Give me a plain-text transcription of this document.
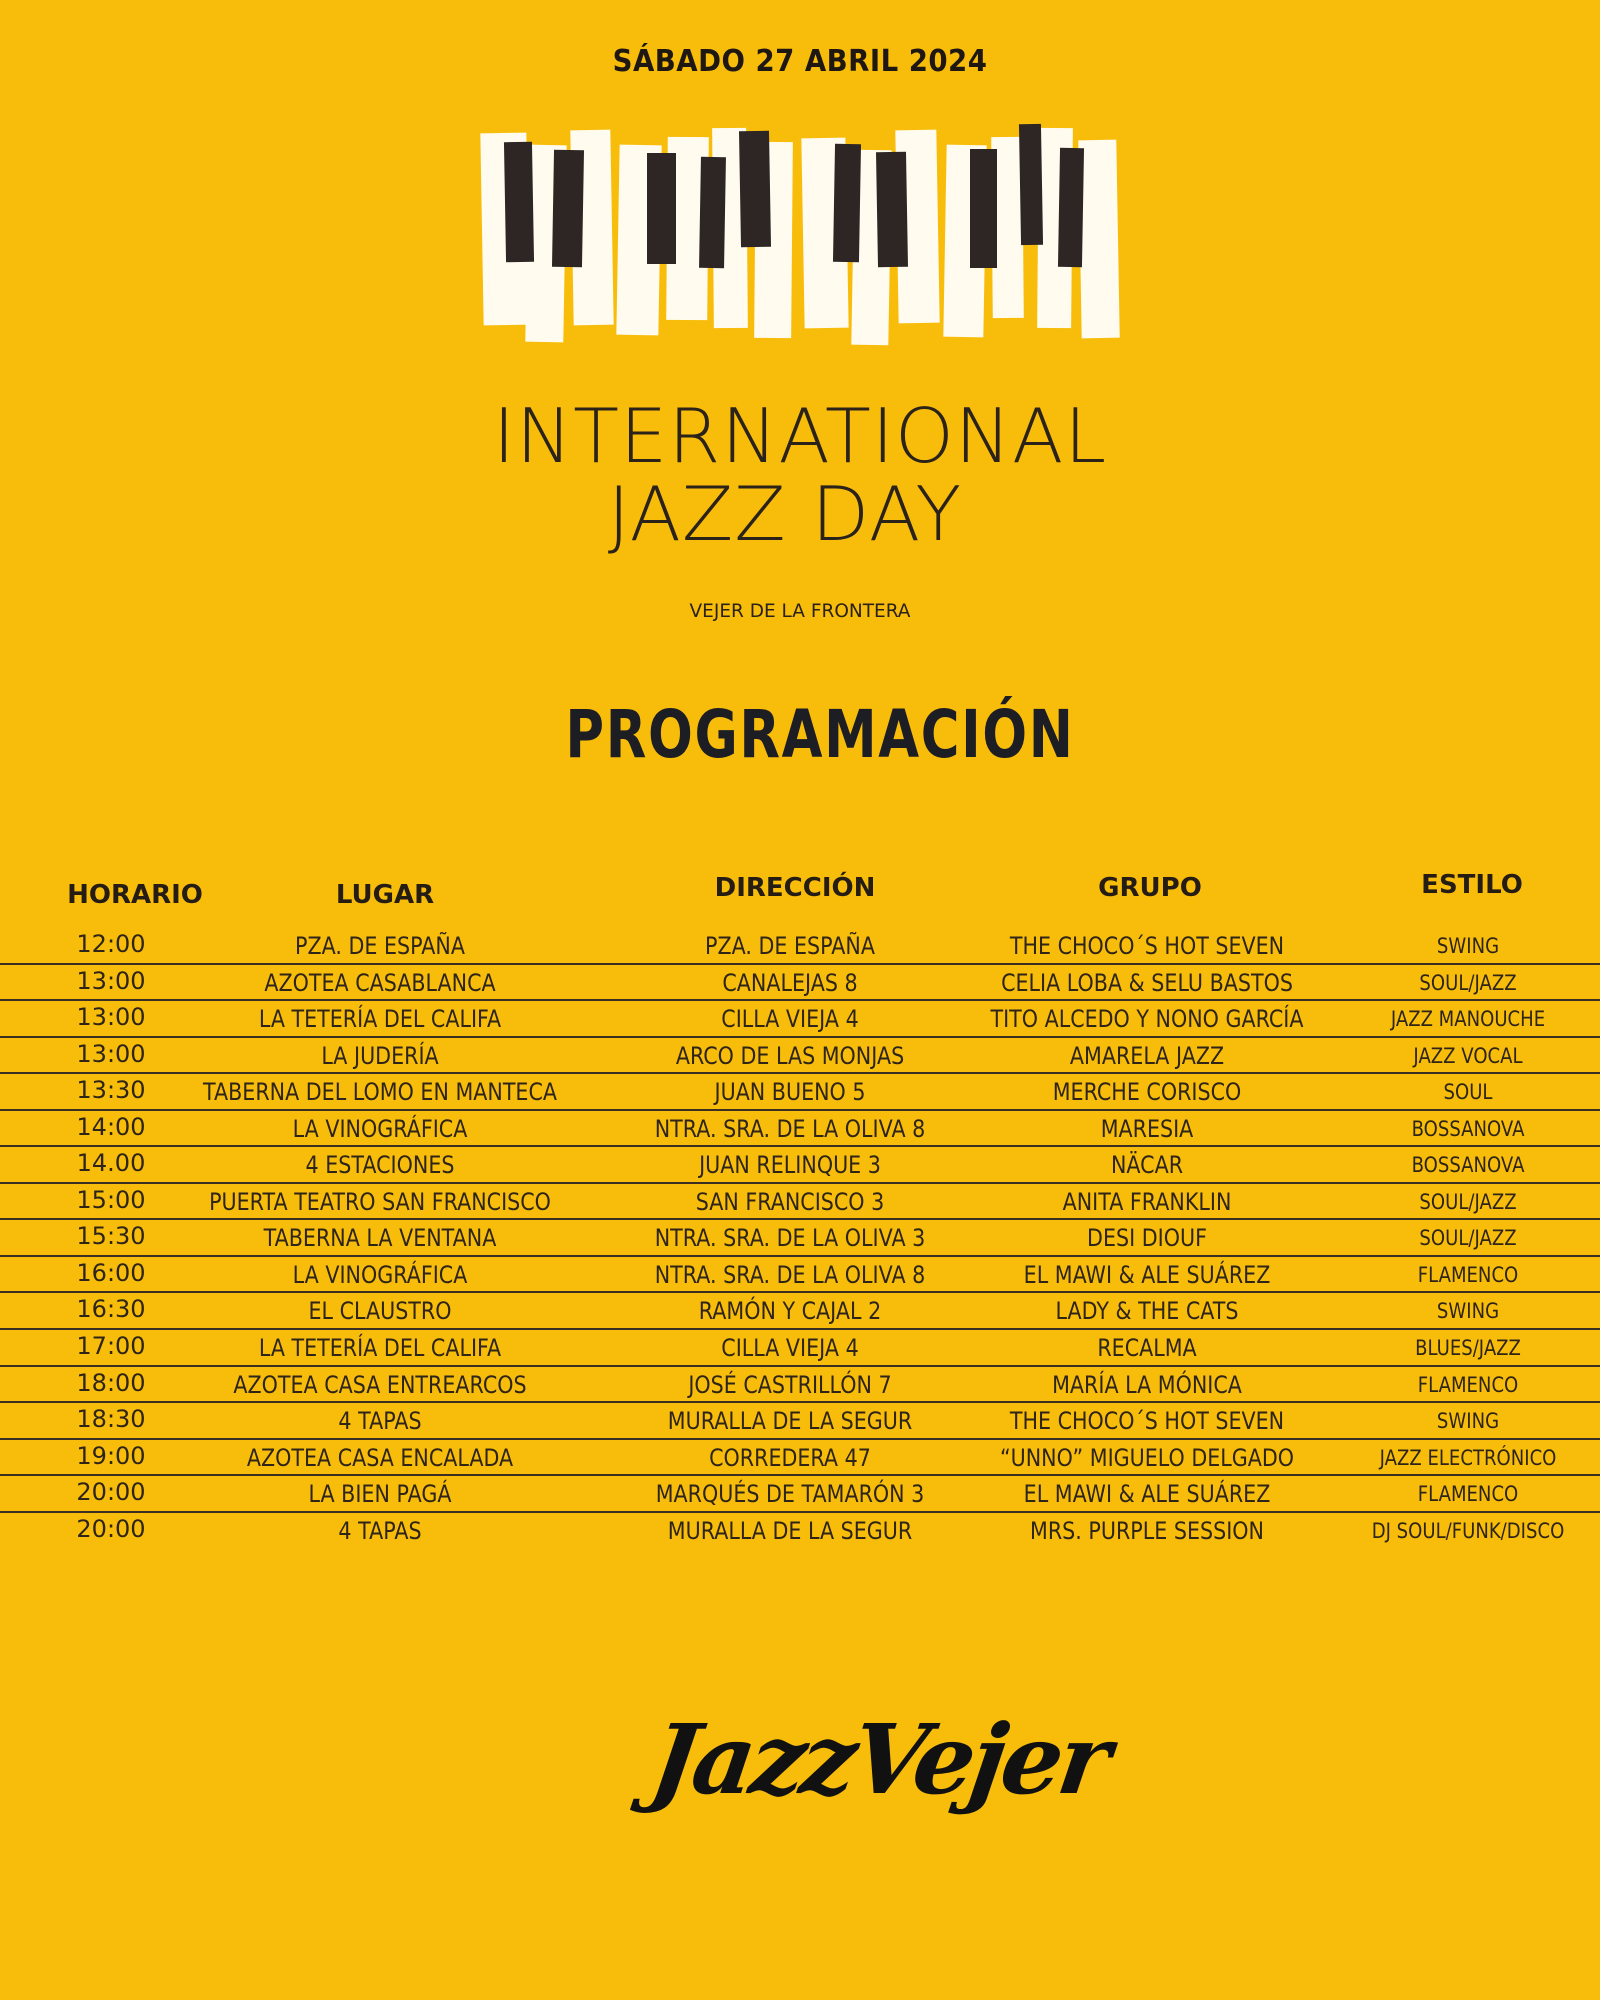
SÁBADO 27 ABRIL 2024
INTERNATIONAL
JAZZ DAY
VEJER DE LA FRONTERA
PROGRAMACIÓN
HORARIO	LUGAR	DIRECCIÓN	GRUPO	ESTILO
12:00	PZA. DE ESPAÑA	PZA. DE ESPAÑA	THE CHOCO´S HOT SEVEN	SWING
13:00	AZOTEA CASABLANCA	CANALEJAS 8	CELIA LOBA & SELU BASTOS	SOUL/JAZZ
13:00	LA TETERÍA DEL CALIFA	CILLA VIEJA 4	TITO ALCEDO Y NONO GARCÍA	JAZZ MANOUCHE
13:00	LA JUDERÍA	ARCO DE LAS MONJAS	AMARELA JAZZ	JAZZ VOCAL
13:30 TABERNA DEL LOMO EN MANTECA	JUAN BUENO 5	MERCHE CORISCO	SOUL
14:00	LA VINOGRÁFICA	NTRA. SRA. DE LA OLIVA 8	MARESIA	BOSSANOVA
14.00	4 ESTACIONES	JUAN RELINQUE 3	NÄCAR	BOSSANOVA
15:00	PUERTA TEATRO SAN FRANCISCO	SAN FRANCISCO 3	ANITA FRANKLIN	SOUL/JAZZ
15:30	TABERNA LA VENTANA	NTRA. SRA. DE LA OLIVA 3	DESI DIOUF	SOUL/JAZZ
16:00	LA VINOGRÁFICA	NTRA. SRA. DE LA OLIVA 8	EL MAWI & ALE SUÁREZ	FLAMENCO
16:30	EL CLAUSTRO	RAMÓN Y CAJAL 2	LADY & THE CATS	SWING
17:00	LA TETERÍA DEL CALIFA	CILLA VIEJA 4	RECALMA	BLUES/JAZZ
18:00	AZOTEA CASA ENTREARCOS	JOSÉ CASTRILLÓN 7	MARÍA LA MÓNICA	FLAMENCO
18:30	4 TAPAS	MURALLA DE LA SEGUR	THE CHOCO´S HOT SEVEN	SWING
19:00	AZOTEA CASA ENCALADA	CORREDERA 47	“UNNO” MIGUELO DELGADO	JAZZ ELECTRÓNICO
20:00	LA BIEN PAGÁ	MARQUÉS DE TAMARÓN 3	EL MAWI & ALE SUÁREZ	FLAMENCO
20:00	4 TAPAS	MURALLA DE LA SEGUR	MRS. PURPLE SESSION	DJ SOUL/FUNK/DISCO
JazzVejer
